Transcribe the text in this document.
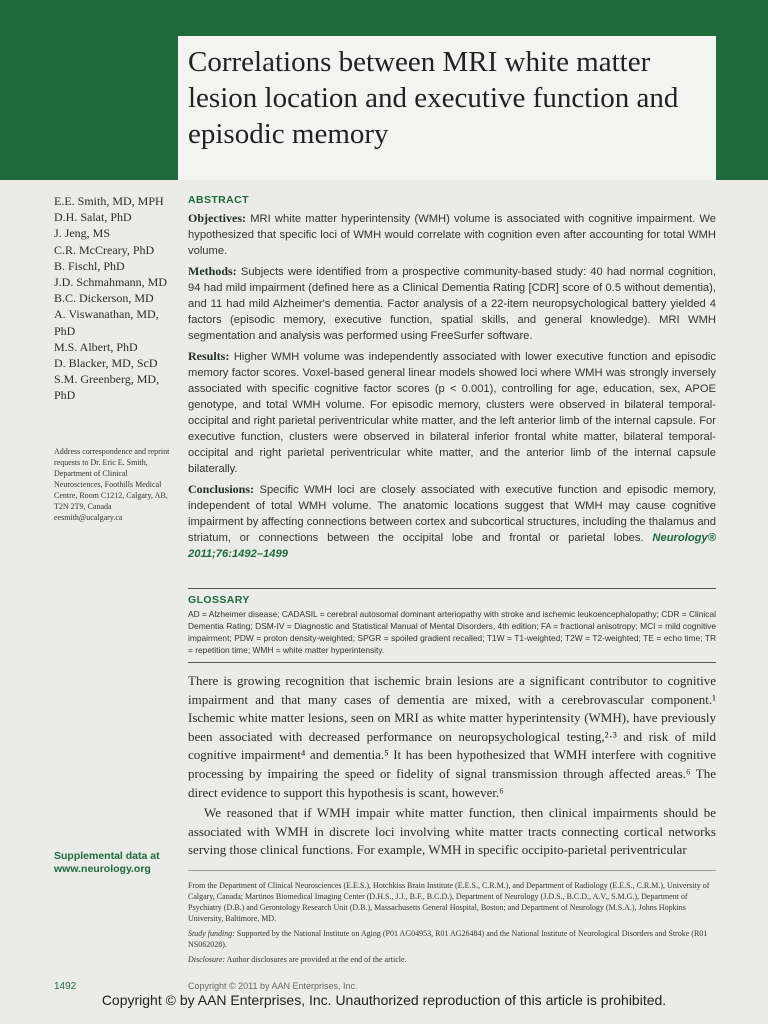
Correlations between MRI white matter lesion location and executive function and episodic memory
E.E. Smith, MD, MPH
D.H. Salat, PhD
J. Jeng, MS
C.R. McCreary, PhD
B. Fischl, PhD
J.D. Schmahmann, MD
B.C. Dickerson, MD
A. Viswanathan, MD, PhD
M.S. Albert, PhD
D. Blacker, MD, ScD
S.M. Greenberg, MD, PhD
Address correspondence and reprint requests to Dr. Eric E. Smith, Department of Clinical Neurosciences, Foothills Medical Centre, Room C1212, Calgary, AB, T2N 2T9, Canada eesmith@ucalgary.ca
Supplemental data at
www.neurology.org
ABSTRACT

Objectives: MRI white matter hyperintensity (WMH) volume is associated with cognitive impairment. We hypothesized that specific loci of WMH would correlate with cognition even after accounting for total WMH volume.

Methods: Subjects were identified from a prospective community-based study: 40 had normal cognition, 94 had mild impairment (defined here as a Clinical Dementia Rating [CDR] score of 0.5 without dementia), and 11 had mild Alzheimer's dementia. Factor analysis of a 22-item neuropsychological battery yielded 4 factors (episodic memory, executive function, spatial skills, and general knowledge). MRI WMH segmentation and analysis was performed using FreeSurfer software.

Results: Higher WMH volume was independently associated with lower executive function and episodic memory factor scores. Voxel-based general linear models showed loci where WMH was strongly inversely associated with specific cognitive factor scores (p < 0.001), controlling for age, education, sex, APOE genotype, and total WMH volume. For episodic memory, clusters were observed in bilateral temporal-occipital and right parietal periventricular white matter, and the left anterior limb of the internal capsule. For executive function, clusters were observed in bilateral inferior frontal white matter, bilateral temporal-occipital and right parietal periventricular white matter, and the anterior limb of the internal capsule bilaterally.

Conclusions: Specific WMH loci are closely associated with executive function and episodic memory, independent of total WMH volume. The anatomic locations suggest that WMH may cause cognitive impairment by affecting connections between cortex and subcortical structures, including the thalamus and striatum, or connections between the occipital lobe and frontal or parietal lobes. Neurology® 2011;76:1492–1499

GLOSSARY
AD = Alzheimer disease; CADASIL = cerebral autosomal dominant arteriopathy with stroke and ischemic leukoencephalopathy; CDR = Clinical Dementia Rating; DSM-IV = Diagnostic and Statistical Manual of Mental Disorders, 4th edition; FA = fractional anisotropy; MCI = mild cognitive impairment; PDW = proton density-weighted; SPGR = spoiled gradient recalled; T1W = T1-weighted; T2W = T2-weighted; TE = echo time; TR = repetition time; WMH = white matter hyperintensity.

There is growing recognition that ischemic brain lesions are a significant contributor to cognitive impairment and that many cases of dementia are mixed, with a cerebrovascular component.¹ Ischemic white matter lesions, seen on MRI as white matter hyperintensity (WMH), have previously been associated with decreased performance on neuropsychological testing,²·³ and risk of mild cognitive impairment⁴ and dementia.⁵ It has been hypothesized that WMH interfere with cognitive processing by impairing the speed or fidelity of signal transmission through affected areas.⁶ The direct evidence to support this hypothesis is scant, however.⁶

We reasoned that if WMH impair white matter function, then clinical impairments should be associated with WMH in discrete loci involving white matter tracts connecting cortical networks serving those clinical functions. For example, WMH in specific occipito-parietal periventricular

From the Department of Clinical Neurosciences (E.E.S.), Hotchkiss Brain Institute (E.E.S., C.R.M.), and Department of Radiology (E.E.S., C.R.M.), University of Calgary, Canada; Martinos Biomedical Imaging Center (D.H.S., J.J., B.F., B.C.D.), Department of Neurology (J.D.S., B.C.D., A.V., S.M.G.), Department of Psychiatry (D.B.) and Gerontology Research Unit (D.B.), Massachusetts General Hospital, Boston; and Department of Neurology (M.S.A.), Johns Hopkins University, Baltimore, MD.

Study funding: Supported by the National Institute on Aging (P01 AG04953, R01 AG26484) and the National Institute of Neurological Disorders and Stroke (R01 NS062028).

Disclosure: Author disclosures are provided at the end of the article.

1492	Copyright © 2011 by AAN Enterprises, Inc.
Copyright © by AAN Enterprises, Inc. Unauthorized reproduction of this article is prohibited.
